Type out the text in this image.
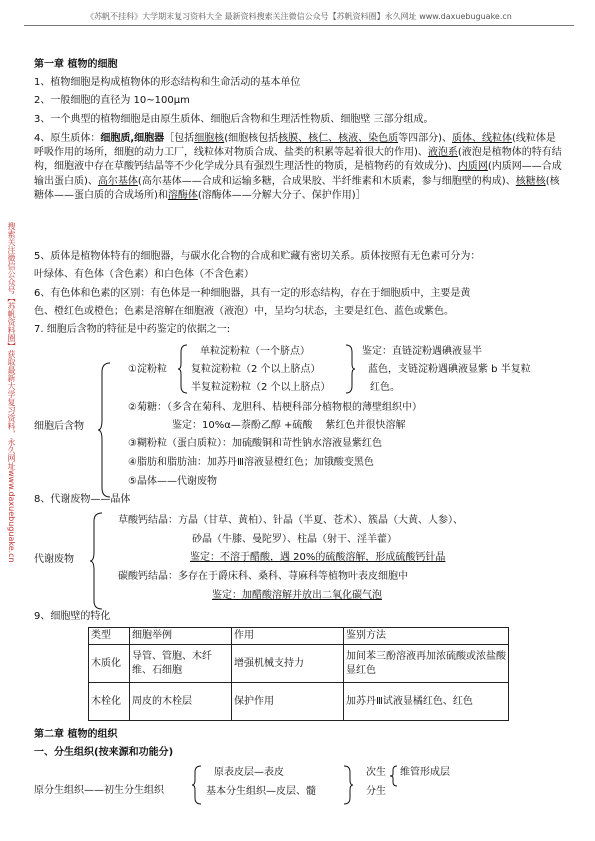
《苏帆不挂科》大学期末复习资料大全 最新资料搜索关注微信公众号【苏帆资料圈】永久网址 www.daxuebuguake.cn
搜索关注微信公众号【苏帆资料圈】获取最新大学复习资料，永久网址www.daxuebuguake.cn
第一章 植物的细胞
1、植物细胞是构成植物体的形态结构和生命活动的基本单位
2、一般细胞的直径为 10~100μm
3、一个典型的植物细胞是由原生质体、细胞后含物和生理活性物质、细胞壁 三部分组成。
4、原生质体：细胞质,细胞器［包括细胞核(细胞核包括核膜、核仁、核液、染色质等四部分)、质体、线粒体(线粒体是呼吸作用的场所，细胞的动力工厂，线粒体对物质合成、盐类的积累等起着很大的作用)、液泡系(液泡是植物体的特有结构，细胞液中存在草酸钙结晶等不少化学成分具有强烈生理活性的物质，是植物药的有效成分)、内质网(内质网——合成输出蛋白质)、高尔基体(高尔基体——合成和运输多糖，合成果胶、半纤维素和木质素，参与细胞壁的构成)、核糖核(核糖体——蛋白质的合成场所)和溶酶体(溶酶体——分解大分子、保护作用)］
5、质体是植物体特有的细胞器，与碳水化合物的合成和贮藏有密切关系。质体按照有无色素可分为：
叶绿体、有色体（含色素）和白色体（不含色素）
6、有色体和色素的区别：有色体是一种细胞器，具有一定的形态结构，存在于细胞质中，主要是黄
色、橙红色或橙色；色素是溶解在细胞液（液泡）中，呈均匀状态，主要是红色、蓝色或紫色。
7. 细胞后含物的特征是中药鉴定的依据之一:
细胞后含物
①淀粉粒
单粒淀粉粒（一个脐点）
复粒淀粉粒（2 个以上脐点）
半复粒淀粉粒（2 个以上脐点）
鉴定：直链淀粉遇碘液显半
蓝色，支链淀粉遇碘液显紫 b 半复粒
红色。
②菊糖：（多含在菊科、龙胆科、桔梗科部分植物根的薄壁组织中）
鉴定：10%α—萘酚乙醇 +硫酸　 紫红色并很快溶解
③糊粉粒（蛋白质粒）：加硫酸铜和苛性钠水溶液显紫红色
④脂肪和脂肪油：加苏丹Ⅲ溶液显橙红色；加锇酸变黑色
⑤晶体——代谢废物
8、代谢废物——晶体
代谢废物
草酸钙结晶：方晶（甘草、黄柏）、针晶（半夏、苍术）、簇晶（大黄、人参）、
砂晶（牛膝、曼陀罗）、柱晶（射干、淫羊藿）
鉴定：不溶于醋酸，遇 20%的硫酸溶解，形成硫酸钙针晶
碳酸钙结晶：多存在于爵床科、桑科、荨麻科等植物叶表皮细胞中
鉴定：加醋酸溶解并放出二氧化碳气泡
9、细胞壁的特化
类型	细胞举例	作用	鉴别方法
木质化	导管、管胞、木纤维、石细胞	增强机械支持力	加间苯三酚溶液再加浓硫酸或浓盐酸显红色
木栓化	周皮的木栓层	保护作用	加苏丹Ⅲ试液显橘红色、红色
第二章 植物的组织
一、分生组织(按来源和功能分)
原分生组织——初生分生组织
原表皮层—表皮
基本分生组织—皮层、髓
次生
分生
维管形成层
